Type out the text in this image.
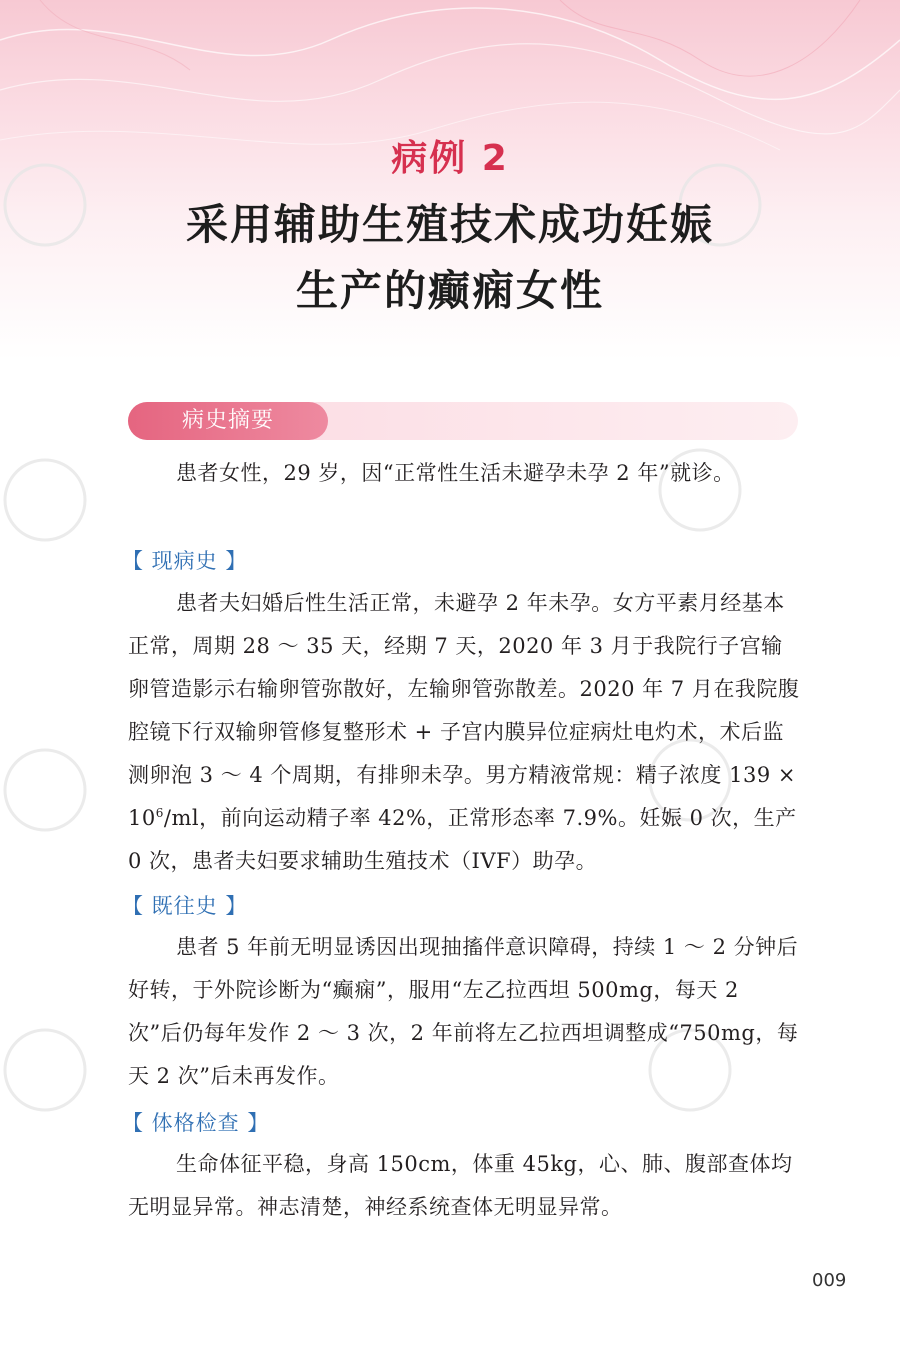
病例 2
采用辅助生殖技术成功妊娠
生产的癫痫女性
病史摘要
患者女性，29 岁，因“正常性生活未避孕未孕 2 年”就诊。
【 现病史 】
患者夫妇婚后性生活正常，未避孕 2 年未孕。女方平素月经基本正常，周期 28 ～ 35 天，经期 7 天，2020 年 3 月于我院行子宫输卵管造影示右输卵管弥散好，左输卵管弥散差。2020 年 7 月在我院腹腔镜下行双输卵管修复整形术 + 子宫内膜异位症病灶电灼术，术后监测卵泡 3 ～ 4 个周期，有排卵未孕。男方精液常规：精子浓度 $139 \times 10^6/ml$，前向运动精子率 42%，正常形态率 7.9%。妊娠 0 次，生产 0 次，患者夫妇要求辅助生殖技术（IVF）助孕。
【 既往史 】
患者 5 年前无明显诱因出现抽搐伴意识障碍，持续 1 ～ 2 分钟后好转，于外院诊断为“癫痫”，服用“左乙拉西坦 500mg，每天 2 次”后仍每年发作 2 ～ 3 次，2 年前将左乙拉西坦调整成“750mg，每天 2 次”后未再发作。
【 体格检查 】
生命体征平稳，身高 150cm，体重 45kg，心、肺、腹部查体均无明显异常。神志清楚，神经系统查体无明显异常。
009
